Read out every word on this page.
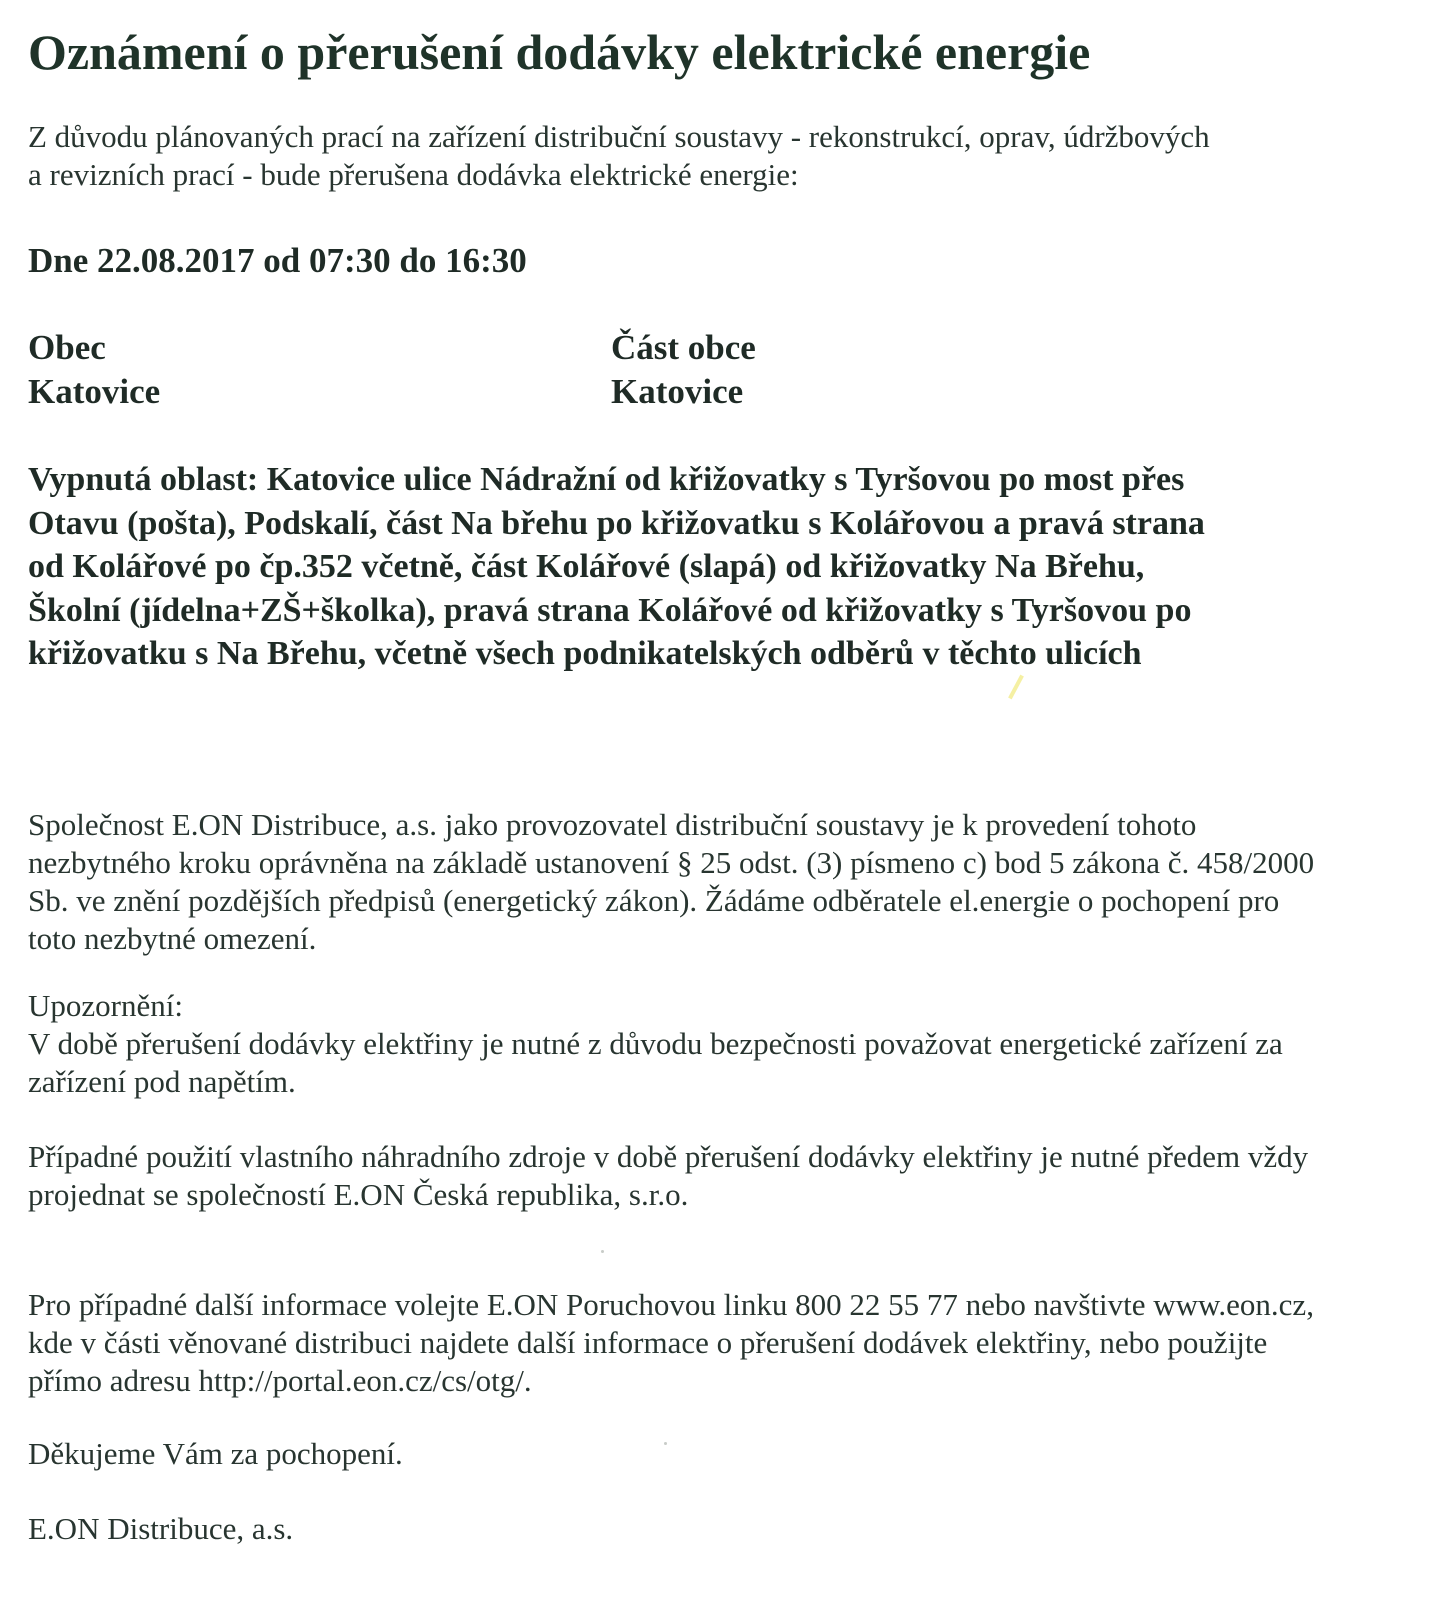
Oznámení o přerušení dodávky elektrické energie

Z důvodu plánovaných prací na zařízení distribuční soustavy - rekonstrukcí, oprav, údržbových
a revizních prací - bude přerušena dodávka elektrické energie:

Dne 22.08.2017 od 07:30 do 16:30

Obec
Katovice
Část obce
Katovice

Vypnutá oblast: Katovice ulice Nádražní od křižovatky s Tyršovou po most přes
Otavu (pošta), Podskalí, část Na břehu po křižovatku s Kolářovou a pravá strana
od Kolářové po čp.352 včetně, část Kolářové (slapá) od křižovatky Na Břehu,
Školní (jídelna+ZŠ+školka), pravá strana Kolářové od křižovatky s Tyršovou po
křižovatku s Na Břehu, včetně všech podnikatelských odběrů v těchto ulicích

Společnost E.ON Distribuce, a.s. jako provozovatel distribuční soustavy je k provedení tohoto
nezbytného kroku oprávněna na základě ustanovení § 25 odst. (3) písmeno c) bod 5 zákona č. 458/2000
Sb. ve znění pozdějších předpisů (energetický zákon). Žádáme odběratele el.energie o pochopení pro
toto nezbytné omezení.

Upozornění:
V době přerušení dodávky elektřiny je nutné z důvodu bezpečnosti považovat energetické zařízení za
zařízení pod napětím.

Případné použití vlastního náhradního zdroje v době přerušení dodávky elektřiny je nutné předem vždy
projednat se společností E.ON Česká republika, s.r.o.

Pro případné další informace volejte E.ON Poruchovou linku 800 22 55 77 nebo navštivte www.eon.cz,
kde v části věnované distribuci najdete další informace o přerušení dodávek elektřiny, nebo použijte
přímo adresu http://portal.eon.cz/cs/otg/.

Děkujeme Vám za pochopení.

E.ON Distribuce, a.s.
